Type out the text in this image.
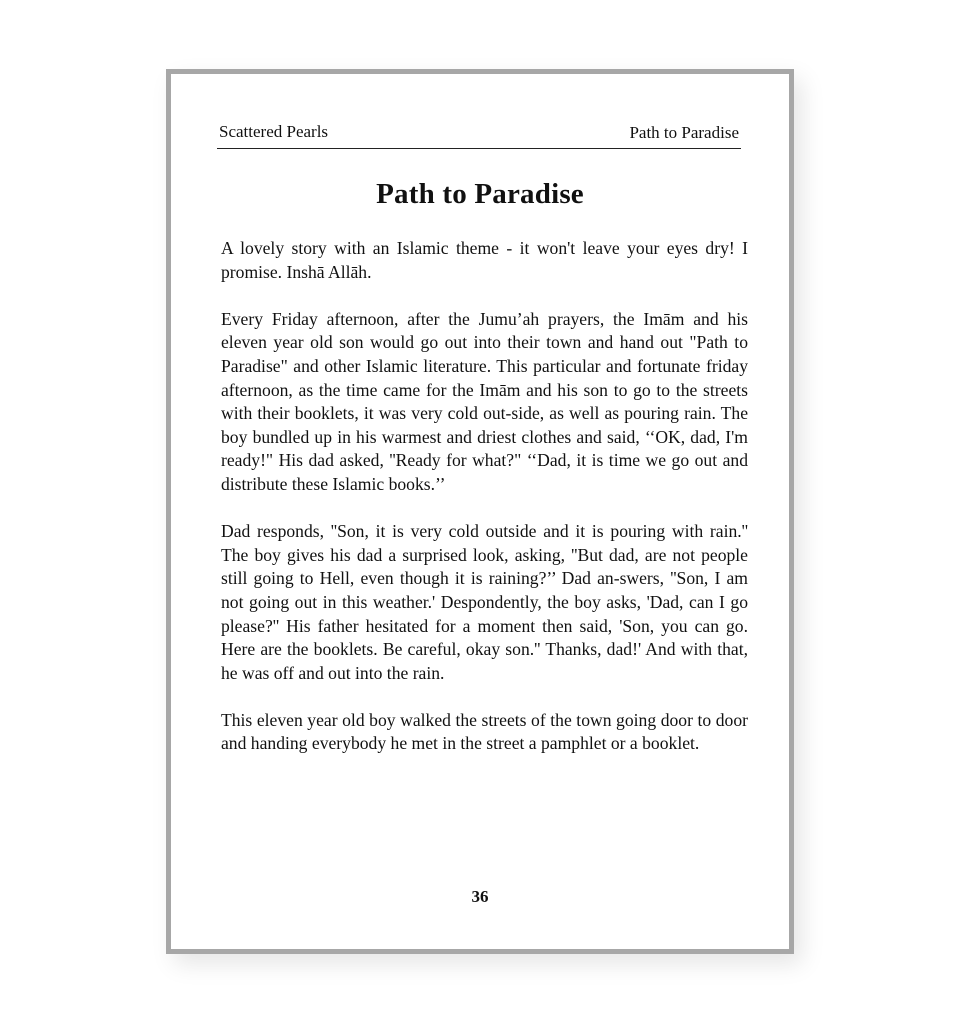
Scattered Pearls	Path to Paradise
Path to Paradise

A lovely story with an Islamic theme - it won't leave your eyes dry! I promise. Inshā Allāh.

Every Friday afternoon, after the Jumu’ah prayers, the Imām and his eleven year old son would go out into their town and hand out "Path to Paradise" and other Islamic literature. This particular and fortunate friday afternoon, as the time came for the Imām and his son to go to the streets with their booklets, it was very cold out-side, as well as pouring rain. The boy bundled up in his warmest and driest clothes and said, ‘‘OK, dad, I'm ready!" His dad asked, ''Ready for what?" ‘‘Dad, it is time we go out and distribute these Islamic books.’’

Dad responds, ''Son, it is very cold outside and it is pouring with rain.'' The boy gives his dad a surprised look, asking, ''But dad, are not people still going to Hell, even though it is raining?’’ Dad an-swers, ''Son, I am not going out in this weather.' Despondently, the boy asks, 'Dad, can I go please?'' His father hesitated for a moment then said, 'Son, you can go. Here are the booklets. Be careful, okay son.'' Thanks, dad!' And with that, he was off and out into the rain.

This eleven year old boy walked the streets of the town going door to door and handing everybody he met in the street a pamphlet or a booklet.

36
